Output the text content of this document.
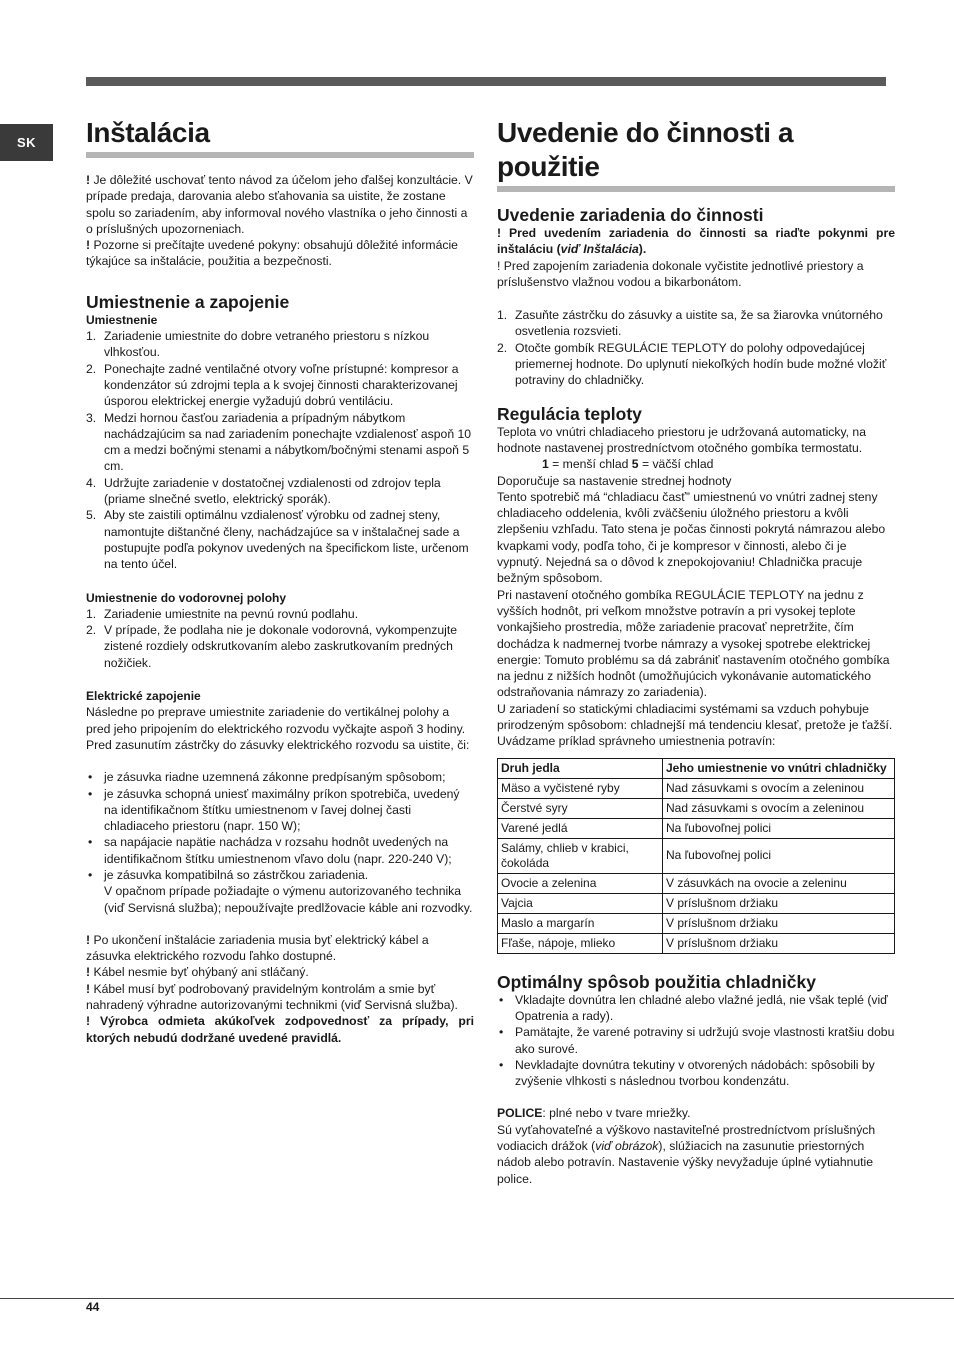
SK	Inštalácia

! Je dôležité uschovať tento návod za účelom jeho ďalšej konzultácie. V prípade predaja, darovania alebo sťahovania sa uistite, že zostane spolu so zariadením, aby informoval nového vlastníka o jeho činnosti a o príslušných upozorneniach.

! Pozorne si prečítajte uvedené pokyny: obsahujú dôležité informácie týkajúce sa inštalácie, použitia a bezpečnosti.

Umiestnenie a zapojenie

Umiestnenie

1. Zariadenie umiestnite do dobre vetraného priestoru s nízkou vlhkosťou.
2. Ponechajte zadné ventilačné otvory voľne prístupné: kompresor a kondenzátor sú zdrojmi tepla a k svojej činnosti charakterizovanej úsporou elektrickej energie vyžadujú dobrú ventiláciu.
3. Medzi hornou časťou zariadenia a prípadným nábytkom nachádzajúcim sa nad zariadením ponechajte vzdialenosť aspoň 10 cm a medzi bočnými stenami a nábytkom/bočnými stenami aspoň 5 cm.
4. Udržujte zariadenie v dostatočnej vzdialenosti od zdrojov tepla (priame slnečné svetlo, elektrický sporák).
5. Aby ste zaistili optimálnu vzdialenosť výrobku od zadnej steny, namontujte dištančné členy, nachádzajúce sa v inštalačnej sade a postupujte podľa pokynov uvedených na špecifickom liste, určenom na tento účel.

Umiestnenie do vodorovnej polohy

1. Zariadenie umiestnite na pevnú rovnú podlahu.
2. V prípade, že podlaha nie je dokonale vodorovná, vykompenzujte zistené rozdiely odskrutkovaním alebo zaskrutkovaním predných nožičiek.

Elektrické zapojenie

Následne po preprave umiestnite zariadenie do vertikálnej polohy a pred jeho pripojením do elektrického rozvodu vyčkajte aspoň 3 hodiny. Pred zasunutím zástrčky do zásuvky elektrického rozvodu sa uistite, či:

• je zásuvka riadne uzemnená zákonne predpísaným spôsobom;
• je zásuvka schopná uniesť maximálny príkon spotrebiča, uvedený na identifikačnom štítku umiestnenom v ľavej dolnej časti chladiaceho priestoru (napr. 150 W);
• sa napájacie napätie nachádza v rozsahu hodnôt uvedených na identifikačnom štítku umiestnenom vľavo dolu (napr. 220-240 V);
• je zásuvka kompatibilná so zástrčkou zariadenia.
V opačnom prípade požiadajte o výmenu autorizovaného technika (viď Servisná služba); nepoužívajte predlžovacie káble ani rozvodky.

! Po ukončení inštalácie zariadenia musia byť elektrický kábel a zásuvka elektrického rozvodu ľahko dostupné.

! Kábel nesmie byť ohýbaný ani stláčaný.

! Kábel musí byť podrobovaný pravidelným kontrolám a smie byť nahradený výhradne autorizovanými technikmi (viď Servisná služba).

! Výrobca odmieta akúkoľvek zodpovednosť za prípady, pri ktorých nebudú dodržané uvedené pravidlá.

Uvedenie do činnosti a použitie
Uvedenie zariadenia do činnosti

! Pred uvedením zariadenia do činnosti sa riaďte pokynmi pre inštaláciu (viď Inštalácia).

! Pred zapojením zariadenia dokonale vyčistite jednotlivé priestory a príslušenstvo vlažnou vodou a bikarbonátom.

1. Zasuňte zástrčku do zásuvky a uistite sa, že sa žiarovka vnútorného osvetlenia rozsvieti.
2. Otočte gombík REGULÁCIE TEPLOTY do polohy odpovedajúcej priemernej hodnote. Do uplynutí niekoľkých hodín bude možné vložiť potraviny do chladničky.
Regulácia teploty

Teplota vo vnútri chladiaceho priestoru je udržovaná automaticky, na hodnote nastavenej prostredníctvom otočného gombíka termostatu.

1 = menší chlad 5 = väčší chlad

Doporučuje sa nastavenie strednej hodnoty
Tento spotrebič má “chladiacu časť” umiestnenú vo vnútri zadnej steny chladiaceho oddelenia, kvôli zväčšeniu úložného priestoru a kvôli zlepšeniu vzhľadu. Tato stena je počas činnosti pokrytá námrazou alebo kvapkami vody, podľa toho, či je kompresor v činnosti, alebo či je vypnutý. Nejedná sa o dôvod k znepokojovaniu! Chladnička pracuje bežným spôsobom.
Pri nastavení otočného gombíka REGULÁCIE TEPLOTY na jednu z vyšších hodnôt, pri veľkom množstve potravín a pri vysokej teplote vonkajšieho prostredia, môže zariadenie pracovať nepretržite, čím dochádza k nadmernej tvorbe námrazy a vysokej spotrebe elektrickej energie: Tomuto problému sa dá zabrániť nastavením otočného gombíka na jednu z nižších hodnôt (umožňujúcich vykonávanie automatického odstraňovania námrazy zo zariadenia).
U zariadení so statickými chladiacimi systémami sa vzduch pohybuje prirodzeným spôsobom: chladnejší má tendenciu klesať, pretože je ťažší. Uvádzame príklad správneho umiestnenia potravín:

Druh jedla	Jeho umiestnenie vo vnútri chladničky
Mäso a vyčistené ryby	Nad zásuvkami s ovocím a zeleninou
Čerstvé syry	Nad zásuvkami s ovocím a zeleninou
Varené jedlá	Na ľubovoľnej polici
Salámy, chlieb v krabici, čokoláda	Na ľubovoľnej polici
Ovocie a zelenina	V zásuvkách na ovocie a zeleninu
Vajcia	V príslušnom držiaku
Maslo a margarín	V príslušnom držiaku
Fľaše, nápoje, mlieko	V príslušnom držiaku
Optimálny spôsob použitia chladničky
• Vkladajte dovnútra len chladné alebo vlažné jedlá, nie však teplé (viď Opatrenia a rady).
• Pamätajte, že varené potraviny si udržujú svoje vlastnosti kratšiu dobu ako surové.
• Nevkladajte dovnútra tekutiny v otvorených nádobách: spôsobili by zvýšenie vlhkosti s následnou tvorbou kondenzátu.

POLICE: plné nebo v tvare mriežky.

Sú vyťahovateľné a výškovo nastaviteľné prostredníctvom príslušných vodiacich drážok (viď obrázok), slúžiacich na zasunutie priestorných nádob alebo potravín. Nastavenie výšky nevyžaduje úplné vytiahnutie police.

44
